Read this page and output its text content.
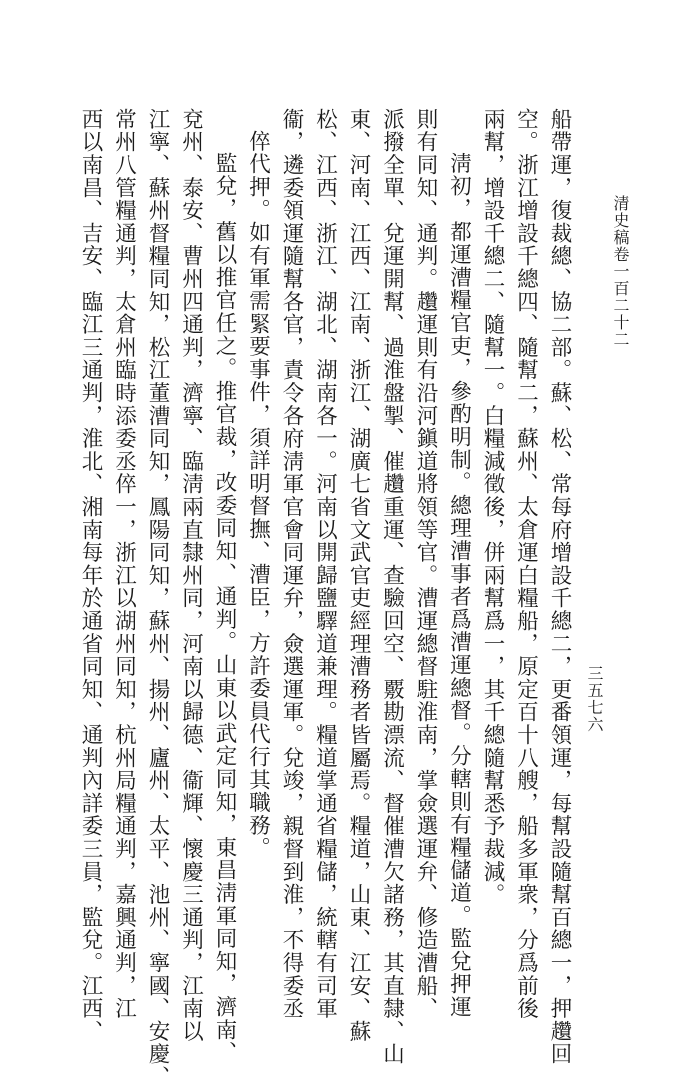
清史稿卷一百二十二
三五七六
船帶運，復裁總、協二部。蘇、松、常每府增設千總二，更番領運，每幫設隨幫百總一，押趲回
空。浙江增設千總四、隨幫二，蘇州、太倉運白糧船，原定百十八艘，船多軍衆，分爲前後
兩幫，增設千總二、隨幫一。白糧減徵後，併兩幫爲一，其千總隨幫悉予裁減。
淸初，都運漕糧官吏，參酌明制。總理漕事者爲漕運總督。分轄則有糧儲道。監兌押運
則有同知、通判。趲運則有沿河鎭道將領等官。漕運總督駐淮南，掌僉選運弁、修造漕船、
派撥全單、兌運開幫、過淮盤掣、催趲重運、查驗回空、覈勘漂流、督催漕欠諸務，其直隸、山
東、河南、江西、江南、浙江、湖廣七省文武官吏經理漕務者皆屬焉。糧道，山東、江安、蘇
松、江西、浙江、湖北、湖南各一。河南以開歸鹽驛道兼理。糧道掌通省糧儲，統轄有司軍
衞，遴委領運隨幫各官，責令各府淸軍官會同運弁，僉選運軍。兌竣，親督到淮，不得委丞
倅代押。如有軍需緊要事件，須詳明督撫、漕臣，方許委員代行其職務。
監兌，舊以推官任之。推官裁，改委同知、通判。山東以武定同知，東昌淸軍同知，濟南、
兗州、泰安、曹州四通判，濟寧、臨淸兩直隸州同，河南以歸德、衞輝、懷慶三通判，江南以
江寧、蘇州督糧同知，松江董漕同知，鳳陽同知，蘇州、揚州、廬州、太平、池州、寧國、安慶、
常州八管糧通判，太倉州臨時添委丞倅一，浙江以湖州同知，杭州局糧通判，嘉興通判，江
西以南昌、吉安、臨江三通判，淮北、湘南每年於通省同知、通判內詳委三員，監兌。江西、
